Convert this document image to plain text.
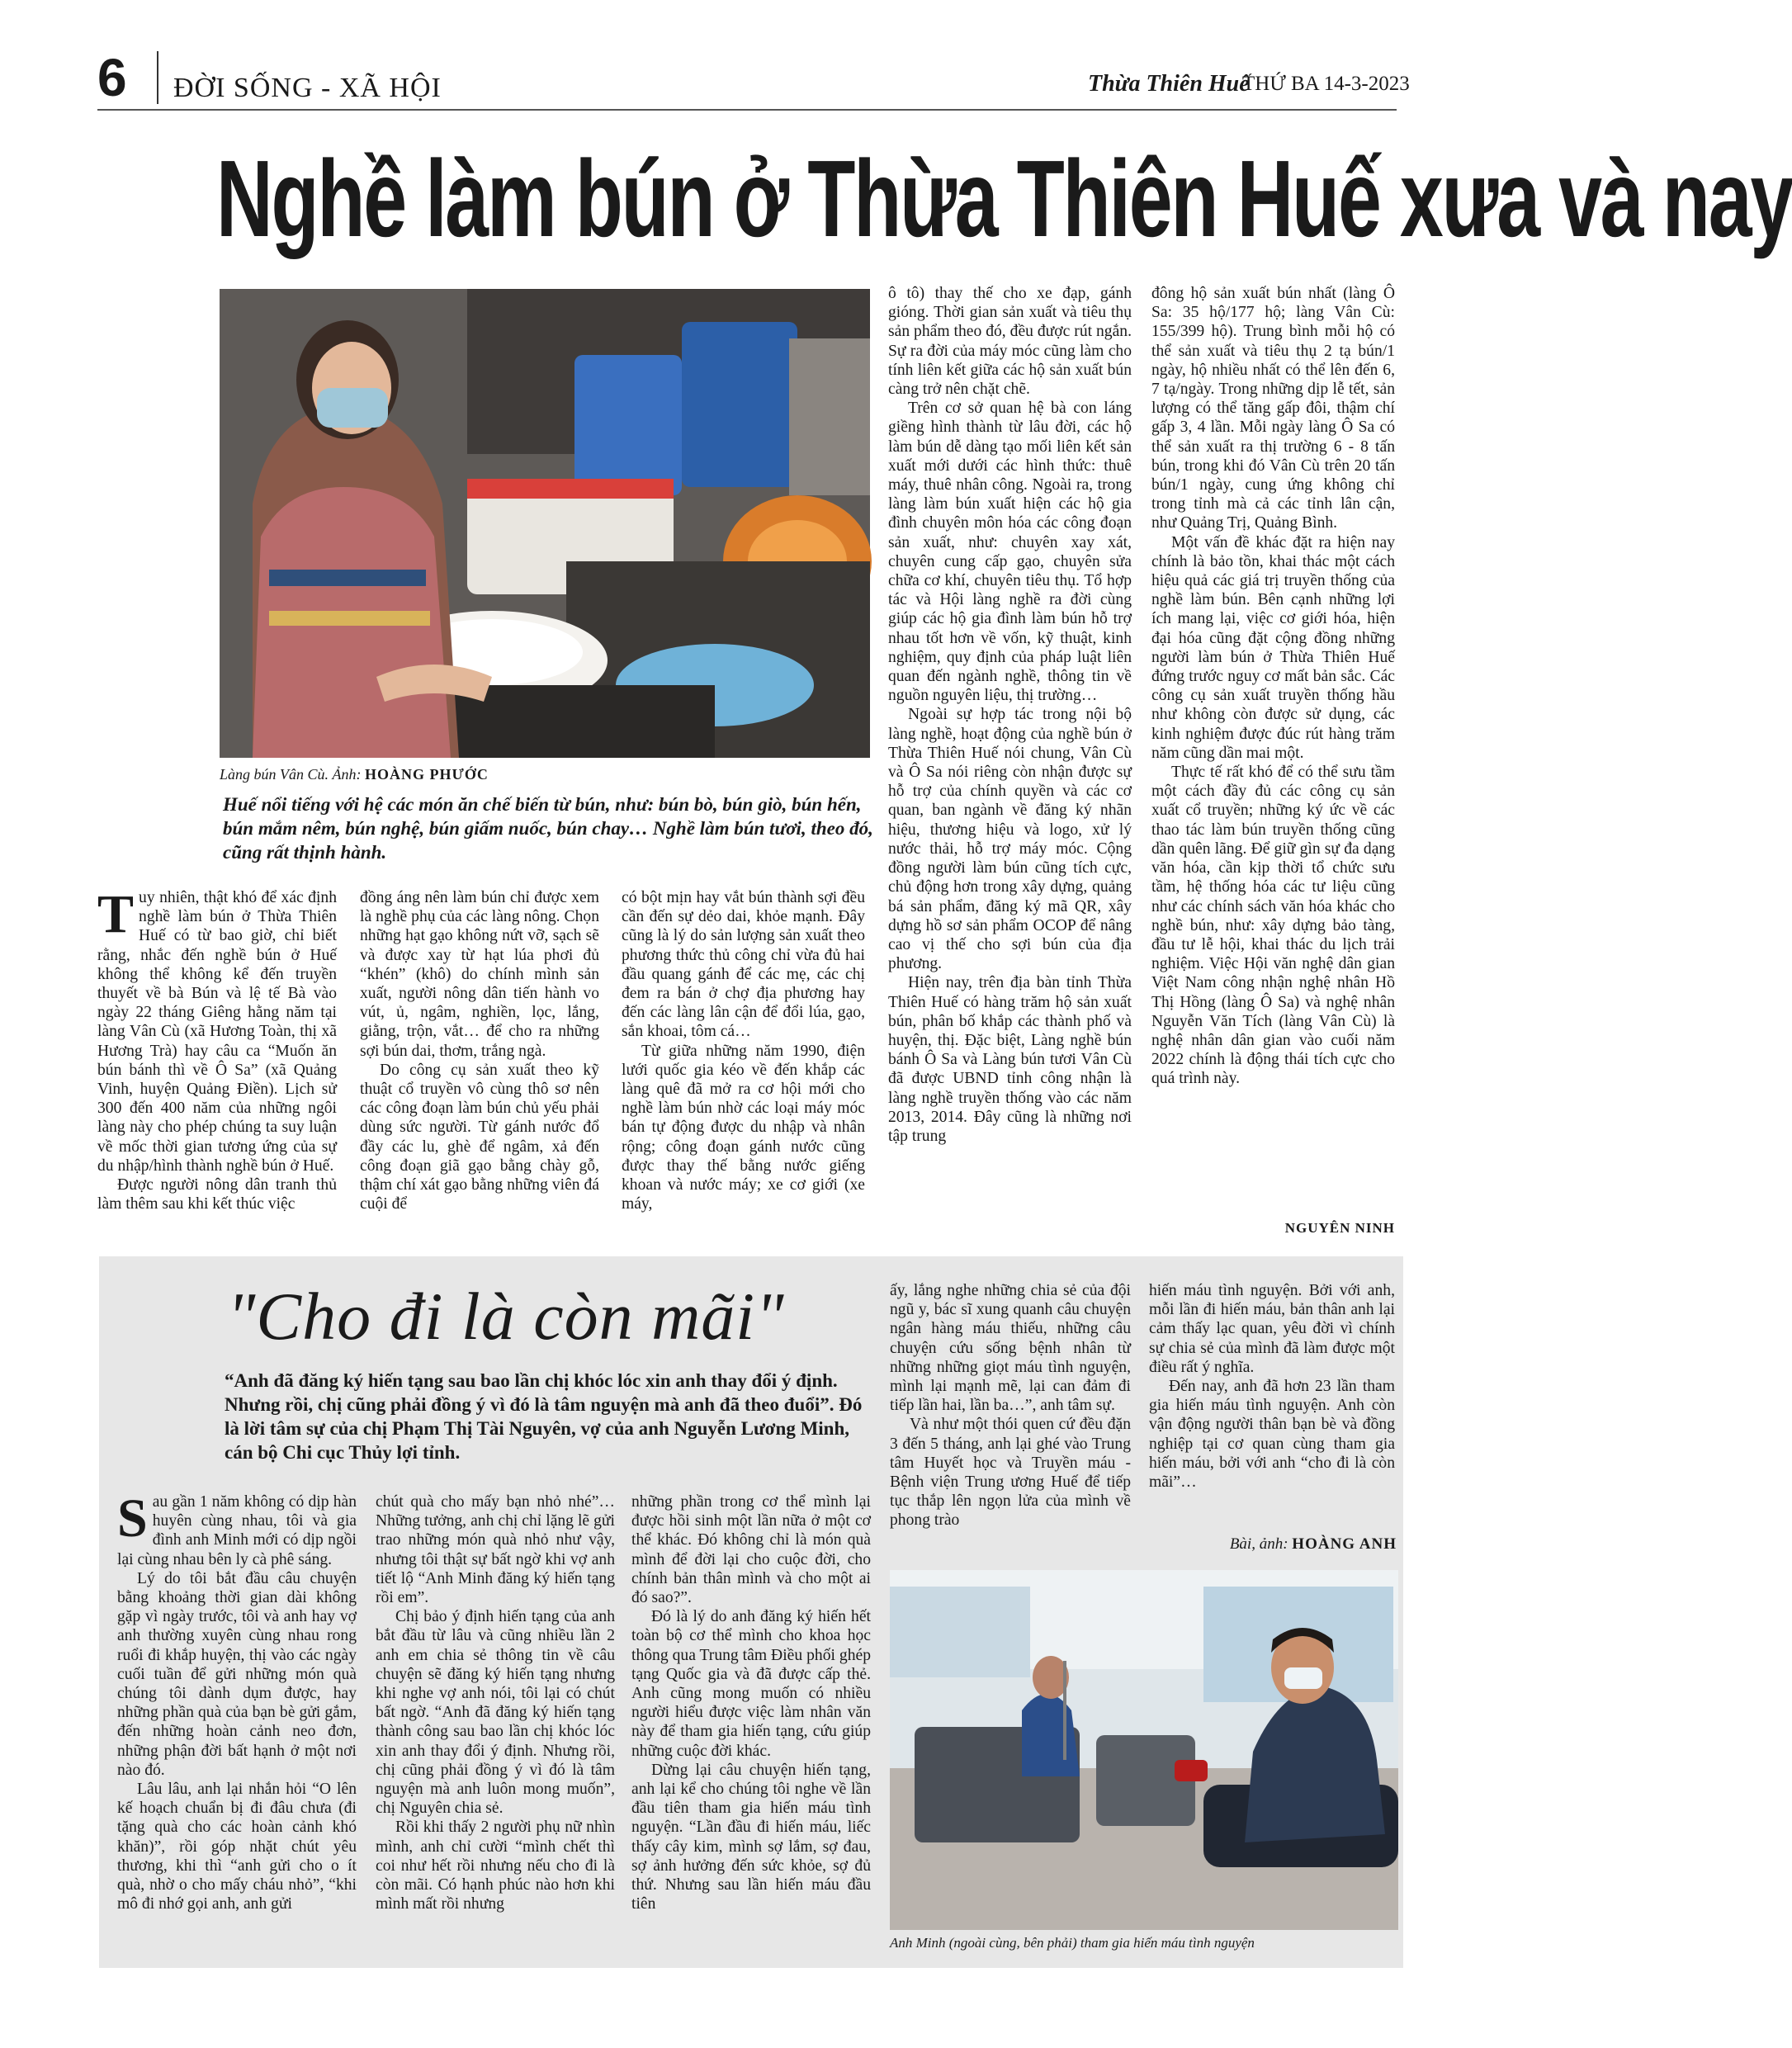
6 ĐỜI SỐNG - XÃ HỘI	Thừa Thiên Huế
THỨ BA 14-3-2023
Nghề làm bún ở Thừa Thiên Huế xưa và nay
Làng bún Vân Cù. Ảnh: HOÀNG PHƯỚC
Huế nổi tiếng với hệ các món ăn chế biến từ bún, như: bún bò, bún giò, bún hến, bún mắm nêm, bún nghệ, bún giấm nuốc, bún chay… Nghề làm bún tươi, theo đó, cũng rất thịnh hành.
T uy nhiên, thật khó để xác định nghề làm bún ở Thừa Thiên Huế có từ bao giờ, chỉ biết rằng, nhắc đến nghề bún ở Huế không thể không kể đến truyền thuyết về bà Bún và lệ tế Bà vào ngày 22 tháng Giêng hằng năm tại làng Vân Cù (xã Hương Toàn, thị xã Hương Trà) hay câu ca “Muốn ăn bún bánh thì về Ô Sa” (xã Quảng Vinh, huyện Quảng Điền). Lịch sử 300 đến 400 năm của những ngôi làng này cho phép chúng ta suy luận về mốc thời gian tương ứng của sự du nhập/hình thành nghề bún ở Huế.

Được người nông dân tranh thủ làm thêm sau khi kết thúc việc

đồng áng nên làm bún chỉ được xem là nghề phụ của các làng nông. Chọn những hạt gạo không nứt vỡ, sạch sẽ và được xay từ hạt lúa phơi đủ “khén” (khô) do chính mình sản xuất, người nông dân tiến hành vo vút, ủ, ngâm, nghiền, lọc, lắng, giằng, trộn, vắt… để cho ra những sợi bún dai, thơm, trắng ngà.

Do công cụ sản xuất theo kỹ thuật cổ truyền vô cùng thô sơ nên các công đoạn làm bún chủ yếu phải dùng sức người. Từ gánh nước đổ đầy các lu, ghè để ngâm, xả đến công đoạn giã gạo bằng chày gỗ, thậm chí xát gạo bằng những viên đá cuội để

có bột mịn hay vắt bún thành sợi đều cần đến sự dẻo dai, khỏe mạnh. Đây cũng là lý do sản lượng sản xuất theo phương thức thủ công chỉ vừa đủ hai đầu quang gánh để các mẹ, các chị đem ra bán ở chợ địa phương hay đến các làng lân cận để đổi lúa, gạo, sắn khoai, tôm cá…

Từ giữa những năm 1990, điện lưới quốc gia kéo về đến khắp các làng quê đã mở ra cơ hội mới cho nghề làm bún nhờ các loại máy móc bán tự động được du nhập và nhân rộng; công đoạn gánh nước cũng được thay thế bằng nước giếng khoan và nước máy; xe cơ giới (xe máy,

ô tô) thay thế cho xe đạp, gánh gióng. Thời gian sản xuất và tiêu thụ sản phẩm theo đó, đều được rút ngắn. Sự ra đời của máy móc cũng làm cho tính liên kết giữa các hộ sản xuất bún càng trở nên chặt chẽ.

Trên cơ sở quan hệ bà con láng giềng hình thành từ lâu đời, các hộ làm bún dễ dàng tạo mối liên kết sản xuất mới dưới các hình thức: thuê máy, thuê nhân công. Ngoài ra, trong làng làm bún xuất hiện các hộ gia đình chuyên môn hóa các công đoạn sản xuất, như: chuyên xay xát, chuyên cung cấp gạo, chuyên sửa chữa cơ khí, chuyên tiêu thụ. Tổ hợp tác và Hội làng nghề ra đời cùng giúp các hộ gia đình làm bún hỗ trợ nhau tốt hơn về vốn, kỹ thuật, kinh nghiệm, quy định của pháp luật liên quan đến ngành nghề, thông tin về nguồn nguyên liệu, thị trường…

Ngoài sự hợp tác trong nội bộ làng nghề, hoạt động của nghề bún ở Thừa Thiên Huế nói chung, Vân Cù và Ô Sa nói riêng còn nhận được sự hỗ trợ của chính quyền và các cơ quan, ban ngành về đăng ký nhãn hiệu, thương hiệu và logo, xử lý nước thải, hỗ trợ máy móc. Cộng đồng người làm bún cũng tích cực, chủ động hơn trong xây dựng, quảng bá sản phẩm, đăng ký mã QR, xây dựng hồ sơ sản phẩm OCOP để nâng cao vị thế cho sợi bún của địa phương.

Hiện nay, trên địa bàn tỉnh Thừa Thiên Huế có hàng trăm hộ sản xuất bún, phân bố khắp các thành phố và huyện, thị. Đặc biệt, Làng nghề bún bánh Ô Sa và Làng bún tươi Vân Cù đã được UBND tỉnh công nhận là làng nghề truyền thống vào các năm 2013, 2014. Đây cũng là những nơi tập trung

đông hộ sản xuất bún nhất (làng Ô Sa: 35 hộ/177 hộ; làng Vân Cù: 155/399 hộ). Trung bình mỗi hộ có thể sản xuất và tiêu thụ 2 tạ bún/1 ngày, hộ nhiều nhất có thể lên đến 6, 7 tạ/ngày. Trong những dịp lễ tết, sản lượng có thể tăng gấp đôi, thậm chí gấp 3, 4 lần. Mỗi ngày làng Ô Sa có thể sản xuất ra thị trường 6 - 8 tấn bún, trong khi đó Vân Cù trên 20 tấn bún/1 ngày, cung ứng không chỉ trong tỉnh mà cả các tỉnh lân cận, như Quảng Trị, Quảng Bình.

Một vấn đề khác đặt ra hiện nay chính là bảo tồn, khai thác một cách hiệu quả các giá trị truyền thống của nghề làm bún. Bên cạnh những lợi ích mang lại, việc cơ giới hóa, hiện đại hóa cũng đặt cộng đồng những người làm bún ở Thừa Thiên Huế đứng trước nguy cơ mất bản sắc. Các công cụ sản xuất truyền thống hầu như không còn được sử dụng, các kinh nghiệm được đúc rút hàng trăm năm cũng dần mai một.

Thực tế rất khó để có thể sưu tầm một cách đầy đủ các công cụ sản xuất cổ truyền; những ký ức về các thao tác làm bún truyền thống cũng dần quên lãng. Để giữ gìn sự đa dạng văn hóa, cần kịp thời tổ chức sưu tầm, hệ thống hóa các tư liệu cũng như các chính sách văn hóa khác cho nghề bún, như: xây dựng bảo tàng, đầu tư lễ hội, khai thác du lịch trải nghiệm. Việc Hội văn nghệ dân gian Việt Nam công nhận nghệ nhân Hồ Thị Hồng (làng Ô Sa) và nghệ nhân Nguyễn Văn Tích (làng Vân Cù) là nghệ nhân dân gian vào cuối năm 2022 chính là động thái tích cực cho quá trình này.

NGUYÊN NINH
"Cho đi là còn mãi"
“Anh đã đăng ký hiến tạng sau bao lần chị khóc lóc xin anh thay đổi ý định. Nhưng rồi, chị cũng phải đồng ý vì đó là tâm nguyện mà anh đã theo đuổi”. Đó là lời tâm sự của chị Phạm Thị Tài Nguyên, vợ của anh Nguyễn Lương Minh, cán bộ Chi cục Thủy lợi tỉnh.
S au gần 1 năm không có dịp hàn huyên cùng nhau, tôi và gia đình anh Minh mới có dịp ngồi lại cùng nhau bên ly cà phê sáng.

Lý do tôi bắt đầu câu chuyện bằng khoảng thời gian dài không gặp vì ngày trước, tôi và anh hay vợ anh thường xuyên cùng nhau rong ruổi đi khắp huyện, thị vào các ngày cuối tuần để gửi những món quà chúng tôi dành dụm được, hay những phần quà của bạn bè gửi gắm, đến những hoàn cảnh neo đơn, những phận đời bất hạnh ở một nơi nào đó.

Lâu lâu, anh lại nhắn hỏi “O lên kế hoạch chuẩn bị đi đâu chưa (đi tặng quà cho các hoàn cảnh khó khăn)”, rồi góp nhặt chút yêu thương, khi thì “anh gửi cho o ít quà, nhờ o cho mấy cháu nhỏ”, “khi mô đi nhớ gọi anh, anh gửi

chút quà cho mấy bạn nhỏ nhé”… Những tưởng, anh chị chỉ lặng lẽ gửi trao những món quà nhỏ như vậy, nhưng tôi thật sự bất ngờ khi vợ anh tiết lộ “Anh Minh đăng ký hiến tạng rồi em”.

Chị bảo ý định hiến tạng của anh bắt đầu từ lâu và cũng nhiều lần 2 anh em chia sẻ thông tin về câu chuyện sẽ đăng ký hiến tạng nhưng khi nghe vợ anh nói, tôi lại có chút bất ngờ. “Anh đã đăng ký hiến tạng thành công sau bao lần chị khóc lóc xin anh thay đổi ý định. Nhưng rồi, chị cũng phải đồng ý vì đó là tâm nguyện mà anh luôn mong muốn”, chị Nguyên chia sẻ.

Rồi khi thấy 2 người phụ nữ nhìn mình, anh chỉ cười “mình chết thì coi như hết rồi nhưng nếu cho đi là còn mãi. Có hạnh phúc nào hơn khi mình mất rồi nhưng

những phần trong cơ thể mình lại được hồi sinh một lần nữa ở một cơ thể khác. Đó không chỉ là món quà mình để đời lại cho cuộc đời, cho chính bản thân mình và cho một ai đó sao?”.

Đó là lý do anh đăng ký hiến hết toàn bộ cơ thể mình cho khoa học thông qua Trung tâm Điều phối ghép tạng Quốc gia và đã được cấp thẻ. Anh cũng mong muốn có nhiều người hiểu được việc làm nhân văn này để tham gia hiến tạng, cứu giúp những cuộc đời khác.

Dừng lại câu chuyện hiến tạng, anh lại kể cho chúng tôi nghe về lần đầu tiên tham gia hiến máu tình nguyện. “Lần đầu đi hiến máu, liếc thấy cây kim, mình sợ lắm, sợ đau, sợ ảnh hưởng đến sức khỏe, sợ đủ thứ. Nhưng sau lần hiến máu đầu tiên

ấy, lắng nghe những chia sẻ của đội ngũ y, bác sĩ xung quanh câu chuyện ngân hàng máu thiếu, những câu chuyện cứu sống bệnh nhân từ những những giọt máu tình nguyện, mình lại mạnh mẽ, lại can đảm đi tiếp lần hai, lần ba…”, anh tâm sự.

Và như một thói quen cứ đều đặn 3 đến 5 tháng, anh lại ghé vào Trung tâm Huyết học và Truyền máu - Bệnh viện Trung ương Huế để tiếp tục thắp lên ngọn lửa của mình về phong trào

hiến máu tình nguyện. Bởi với anh, mỗi lần đi hiến máu, bản thân anh lại cảm thấy lạc quan, yêu đời vì chính sự chia sẻ của mình đã làm được một điều rất ý nghĩa.

Đến nay, anh đã hơn 23 lần tham gia hiến máu tình nguyện. Anh còn vận động người thân bạn bè và đồng nghiệp tại cơ quan cùng tham gia hiến máu, bởi với anh “cho đi là còn mãi”…

Bài, ảnh: HOÀNG ANH
Anh Minh (ngoài cùng, bên phải) tham gia hiến máu tình nguyện
